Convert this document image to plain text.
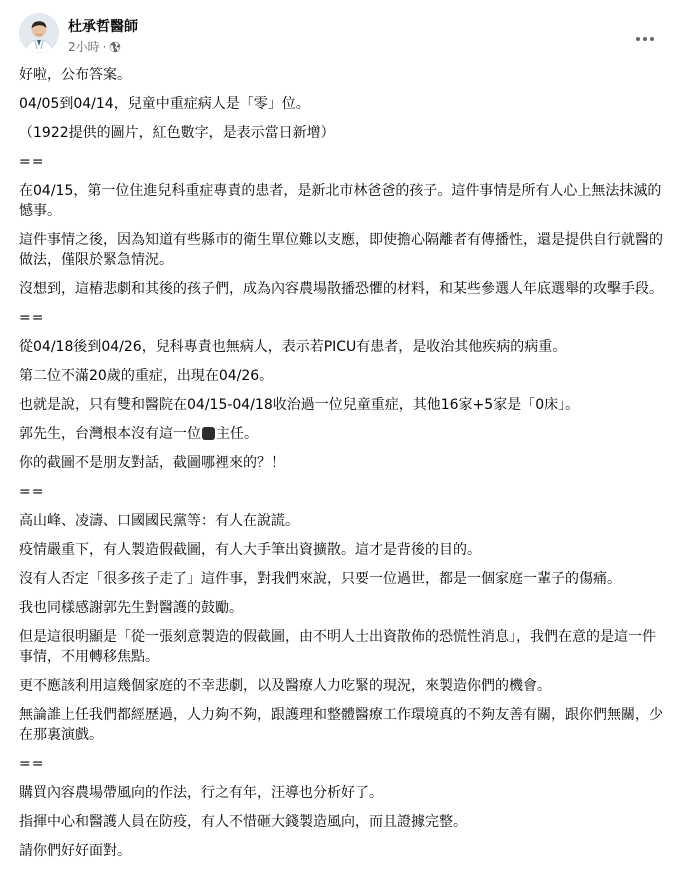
杜承哲醫師
2小時 ·

好啦，公布答案。

04/05到04/14，兒童中重症病人是「零」位。

（1922提供的圖片，紅色數字，是表示當日新增）

==

在04/15，第一位住進兒科重症專責的患者，是新北市林爸爸的孩子。這件事情是所有人心上無法抹滅的憾事。

這件事情之後，因為知道有些縣市的衛生單位難以支應，即使擔心隔離者有傳播性，還是提供自行就醫的做法，僅限於緊急情況。

沒想到，這樁悲劇和其後的孩子們，成為內容農場散播恐懼的材料，和某些參選人年底選舉的攻擊手段。

==

從04/18後到04/26，兒科專責也無病人，表示若PICU有患者，是收治其他疾病的病重。

第二位不滿20歲的重症，出現在04/26。

也就是說，只有雙和醫院在04/15-04/18收治過一位兒童重症，其他16家+5家是「0床」。

郭先生，台灣根本沒有這一位 主任。

你的截圖不是朋友對話，截圖哪裡來的？！

==

高山峰、凌濤、口國國民黨等：有人在說謊。

疫情嚴重下，有人製造假截圖，有人大手筆出資擴散。這才是背後的目的。

沒有人否定「很多孩子走了」這件事，對我們來說，只要一位過世，都是一個家庭一輩子的傷痛。

我也同樣感謝郭先生對醫護的鼓勵。

但是這很明顯是「從一張刻意製造的假截圖，由不明人士出資散佈的恐慌性消息」，我們在意的是這一件事情，不用轉移焦點。

更不應該利用這幾個家庭的不幸悲劇，以及醫療人力吃緊的現況，來製造你們的機會。

無論誰上任我們都經歷過，人力夠不夠，跟護理和整體醫療工作環境真的不夠友善有關，跟你們無關，少在那裏演戲。

==

購買內容農場帶風向的作法，行之有年，汪導也分析好了。

指揮中心和醫護人員在防疫，有人不惜砸大錢製造風向，而且證據完整。

請你們好好面對。
